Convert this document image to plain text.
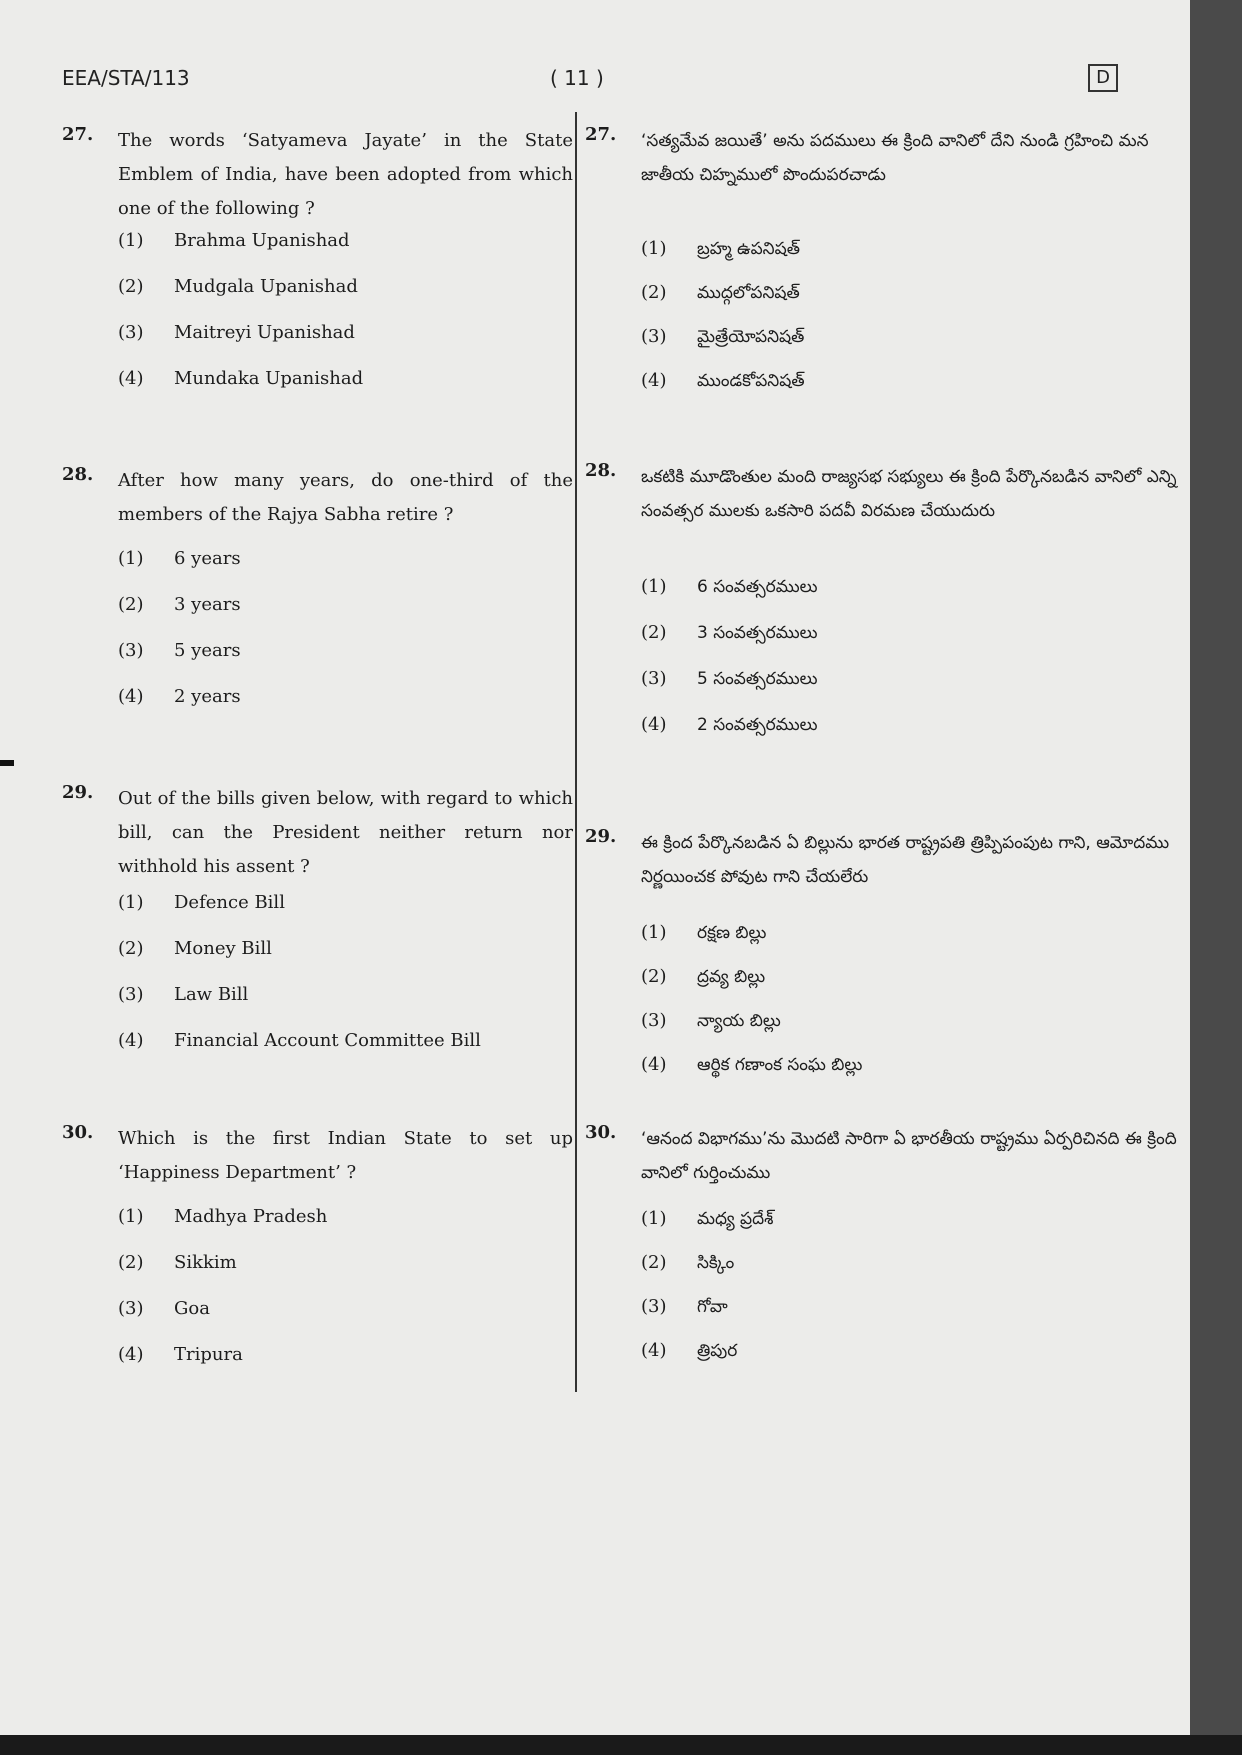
EEA/STA/113	( 11 )	D
27. The words ‘Satyameva Jayate’ in the State Emblem of India, have been adopted from which one of the following ?
(1) Brahma Upanishad
(2) Mudgala Upanishad
(3) Maitreyi Upanishad
(4) Mundaka Upanishad
28. After how many years, do one-third of the members of the Rajya Sabha retire ?
(1) 6 years
(2) 3 years
(3) 5 years
(4) 2 years
29. Out of the bills given below, with regard to which bill, can the President neither return nor withhold his assent ?
(1) Defence Bill
(2) Money Bill
(3) Law Bill
(4) Financial Account Committee Bill
30. Which is the first Indian State to set up ‘Happiness Department’ ?
(1) Madhya Pradesh
(2) Sikkim
(3) Goa
(4) Tripura
27. ‘సత్యమేవ జయితే’ అను పదములు ఈ క్రింది వానిలో దేని నుండి గ్రహించి మన జాతీయ చిహ్నములో పొందుపరచాడు
(1) బ్రహ్మ ఉపనిషత్
(2) ముద్గలోపనిషత్
(3) మైత్రేయోపనిషత్
(4) ముండకోపనిషత్
28. ఒకటికి మూడొంతుల మంది రాజ్యసభ సభ్యులు ఈ క్రింది పేర్కొనబడిన వానిలో ఎన్ని సంవత్సర ములకు ఒకసారి పదవీ విరమణ చేయుదురు
(1) 6 సంవత్సరములు
(2) 3 సంవత్సరములు
(3) 5 సంవత్సరములు
(4) 2 సంవత్సరములు
29. ఈ క్రింద పేర్కొనబడిన ఏ బిల్లును భారత రాష్ట్రపతి త్రిప్పిపంపుట గాని, ఆమోదము నిర్ణయించక పోవుట గాని చేయలేరు
(1) రక్షణ బిల్లు
(2) ద్రవ్య బిల్లు
(3) న్యాయ బిల్లు
(4) ఆర్థిక గణాంక సంఘ బిల్లు
30. ‘ఆనంద విభాగము’ను మొదటి సారిగా ఏ భారతీయ రాష్ట్రము ఏర్పరిచినది ఈ క్రింది వానిలో గుర్తించుము
(1) మధ్య ప్రదేశ్
(2) సిక్కిం
(3) గోవా
(4) త్రిపుర
